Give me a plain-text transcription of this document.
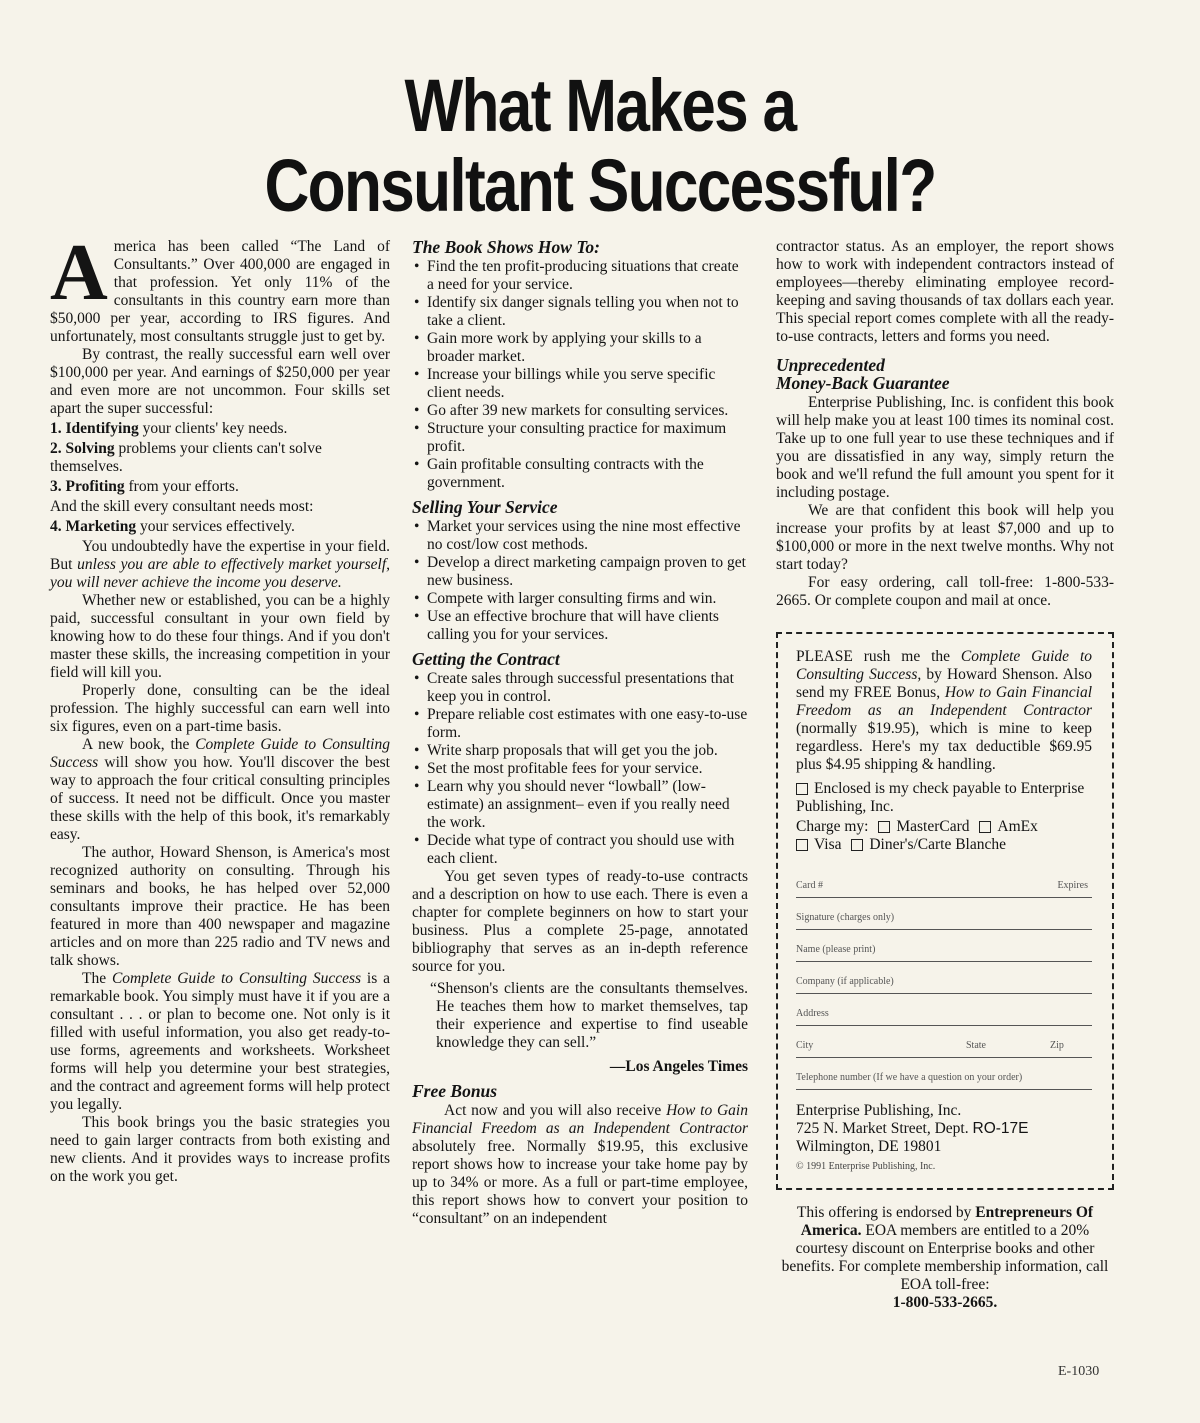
What Makes a
Consultant Successful?

America has been called “The Land of Consultants.” Over 400,000 are engaged in that profession. Yet only 11% of the consultants in this country earn more than $50,000 per year, according to IRS figures. And unfortunately, most consultants struggle just to get by.

By contrast, the really successful earn well over $100,000 per year. And earnings of $250,000 per year and even more are not uncommon. Four skills set apart the super successful:

1. Identifying your clients' key needs.

2. Solving problems your clients can't solve themselves.

3. Profiting from your efforts.

And the skill every consultant needs most:

4. Marketing your services effectively.

You undoubtedly have the expertise in your field. But unless you are able to effectively market yourself, you will never achieve the income you deserve.

Whether new or established, you can be a highly paid, successful consultant in your own field by knowing how to do these four things. And if you don't master these skills, the increasing competition in your field will kill you.

Properly done, consulting can be the ideal profession. The highly successful can earn well into six figures, even on a part-time basis.

A new book, the Complete Guide to Consulting Success will show you how. You'll discover the best way to approach the four critical consulting principles of success. It need not be difficult. Once you master these skills with the help of this book, it's remarkably easy.

The author, Howard Shenson, is America's most recognized authority on consulting. Through his seminars and books, he has helped over 52,000 consultants improve their practice. He has been featured in more than 400 newspaper and magazine articles and on more than 225 radio and TV news and talk shows.

The Complete Guide to Consulting Success is a remarkable book. You simply must have it if you are a consultant . . . or plan to become one. Not only is it filled with useful information, you also get ready-to-use forms, agreements and worksheets. Worksheet forms will help you determine your best strategies, and the contract and agreement forms will help protect you legally.

This book brings you the basic strategies you need to gain larger contracts from both existing and new clients. And it provides ways to increase profits on the work you get.

The Book Shows How To:
• Find the ten profit-producing situations that create a need for your service.
• Identify six danger signals telling you when not to take a client.
• Gain more work by applying your skills to a broader market.
• Increase your billings while you serve specific client needs.
• Go after 39 new markets for consulting services.
• Structure your consulting practice for maximum profit.
• Gain profitable consulting contracts with the government.
Selling Your Service
• Market your services using the nine most effective no cost/low cost methods.
• Develop a direct marketing campaign proven to get new business.
• Compete with larger consulting firms and win.
• Use an effective brochure that will have clients calling you for your services.
Getting the Contract
• Create sales through successful presentations that keep you in control.
• Prepare reliable cost estimates with one easy-to-use form.
• Write sharp proposals that will get you the job.
• Set the most profitable fees for your service.
• Learn why you should never “lowball” (low-estimate) an assignment– even if you really need the work.
• Decide what type of contract you should use with each client.

You get seven types of ready-to-use contracts and a description on how to use each. There is even a chapter for complete beginners on how to start your business. Plus a complete 25-page, annotated bibliography that serves as an in-depth reference source for you.

“Shenson's clients are the consultants themselves. He teaches them how to market themselves, tap their experience and expertise to find useable knowledge they can sell.”

—Los Angeles Times

Free Bonus

Act now and you will also receive How to Gain Financial Freedom as an Independent Contractor absolutely free. Normally $19.95, this exclusive report shows how to increase your take home pay by up to 34% or more. As a full or part-time employee, this report shows how to convert your position to “consultant” on an independent

contractor status. As an employer, the report shows how to work with independent contractors instead of employees—thereby eliminating employee record-keeping and saving thousands of tax dollars each year. This special report comes complete with all the ready-to-use contracts, letters and forms you need.

Unprecedented
Money-Back Guarantee

Enterprise Publishing, Inc. is confident this book will help make you at least 100 times its nominal cost. Take up to one full year to use these techniques and if you are dissatisfied in any way, simply return the book and we'll refund the full amount you spent for it including postage.

We are that confident this book will help you increase your profits by at least $7,000 and up to $100,000 or more in the next twelve months. Why not start today?

For easy ordering, call toll-free: 1-800-533-2665. Or complete coupon and mail at once.

PLEASE rush me the Complete Guide to Consulting Success, by Howard Shenson. Also send my FREE Bonus, How to Gain Financial Freedom as an Independent Contractor (normally $19.95), which is mine to keep regardless. Here's my tax deductible $69.95 plus $4.95 shipping & handling.

Enclosed is my check payable to Enterprise Publishing, Inc.
Charge my: MasterCard AmEx
Visa Diner's/Carte Blanche
Card #	Expires
Signature (charges only)
Name (please print)
Company (if applicable)
Address
City	State	Zip
Telephone number (If we have a question on your order)
Enterprise Publishing, Inc.
725 N. Market Street, Dept. RO-17E
Wilmington, DE 19801
© 1991 Enterprise Publishing, Inc.

This offering is endorsed by Entrepreneurs Of America. EOA members are entitled to a 20% courtesy discount on Enterprise books and other benefits. For complete membership information, call EOA toll-free:
1-800-533-2665.

E-1030
